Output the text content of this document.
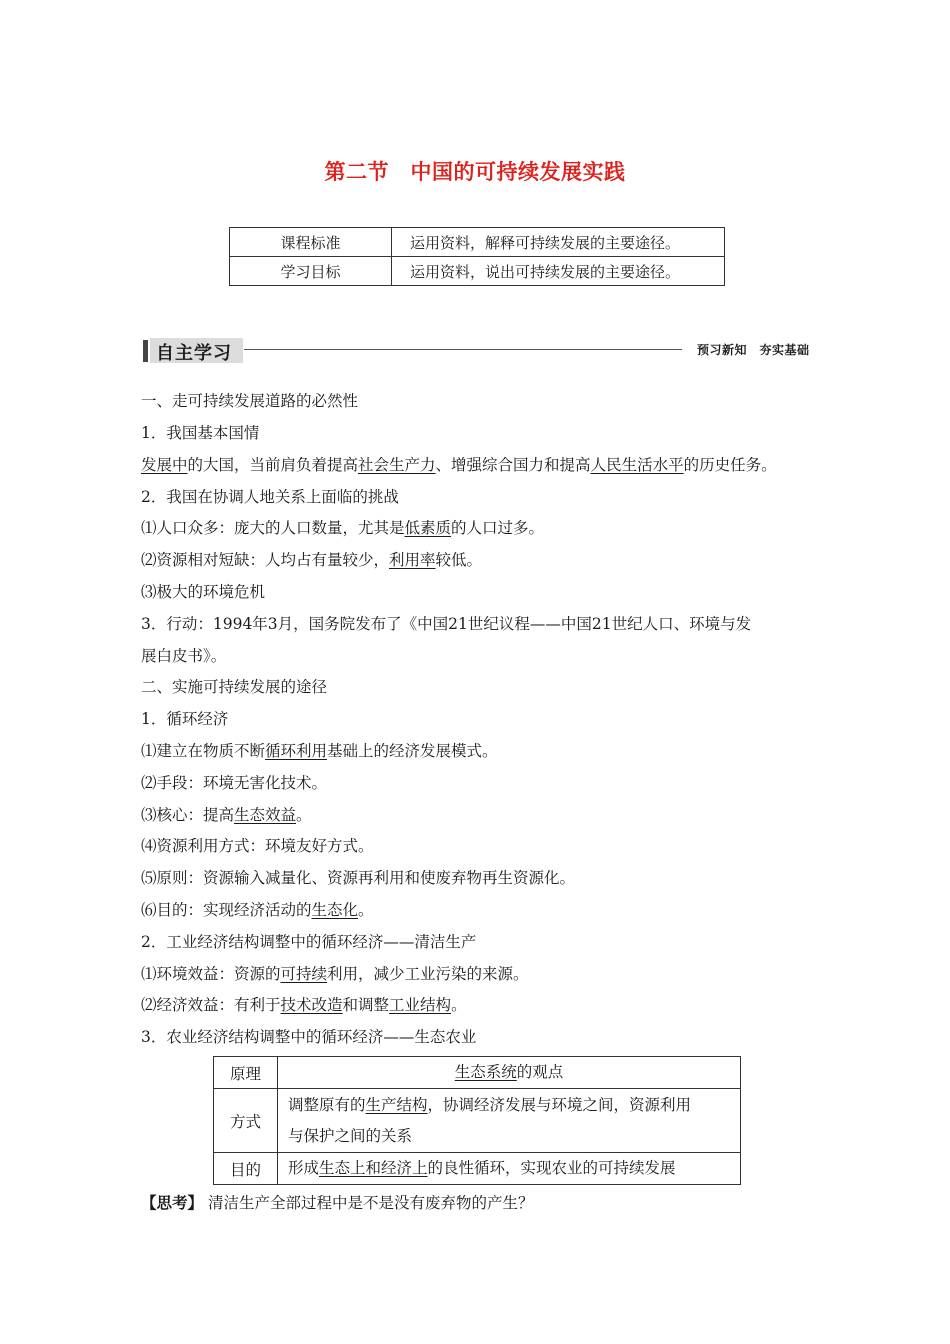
第二节　中国的可持续发展实践
课程标准	运用资料，解释可持续发展的主要途径。
学习目标	运用资料，说出可持续发展的主要途径。
自主学习	预习新知　夯实基础
一、走可持续发展道路的必然性
1．我国基本国情
发展中的大国，当前肩负着提高社会生产力、增强综合国力和提高人民生活水平的历史任务。
2．我国在协调人地关系上面临的挑战
⑴人口众多：庞大的人口数量，尤其是低素质的人口过多。
⑵资源相对短缺：人均占有量较少，利用率较低。
⑶极大的环境危机
3．行动：1994年3月，国务院发布了《中国21世纪议程——中国21世纪人口、环境与发
展白皮书》。
二、实施可持续发展的途径
1．循环经济
⑴建立在物质不断循环利用基础上的经济发展模式。
⑵手段：环境无害化技术。
⑶核心：提高生态效益。
⑷资源利用方式：环境友好方式。
⑸原则：资源输入减量化、资源再利用和使废弃物再生资源化。
⑹目的：实现经济活动的生态化。
2．工业经济结构调整中的循环经济——清洁生产
⑴环境效益：资源的可持续利用，减少工业污染的来源。
⑵经济效益：有利于技术改造和调整工业结构。
3．农业经济结构调整中的循环经济——生态农业
原理	生态系统的观点
方式	调整原有的生产结构，协调经济发展与环境之间，资源利用
与保护之间的关系
目的	形成生态上和经济上的良性循环，实现农业的可持续发展
【思考】 清洁生产全部过程中是不是没有废弃物的产生？
